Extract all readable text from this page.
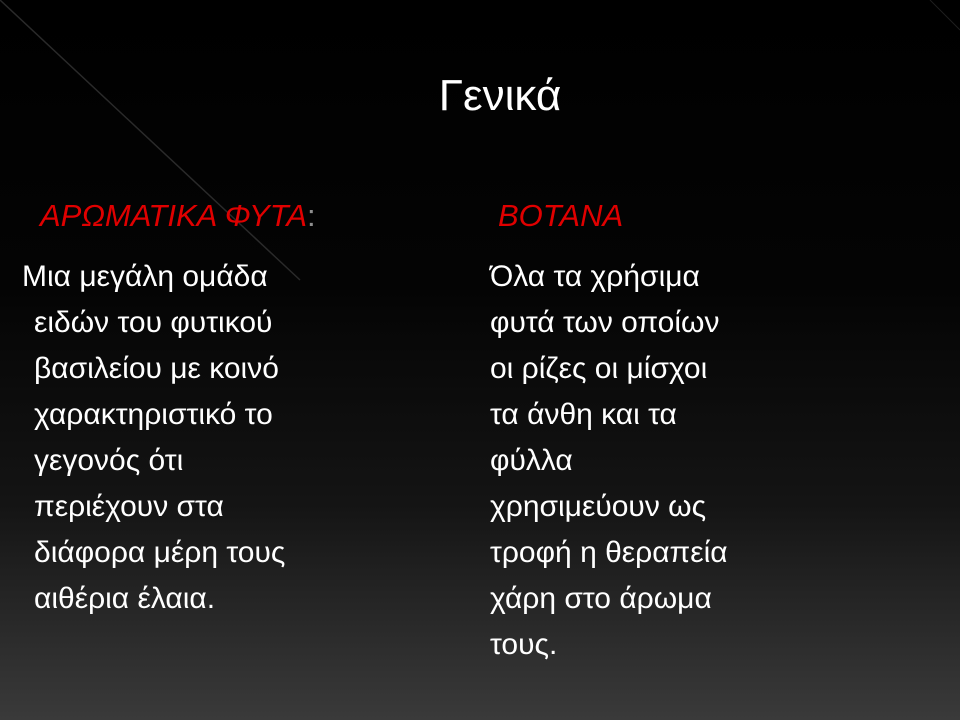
Γενικά
ΑΡΩΜΑΤΙΚΑ ΦΥΤΑ:	ΒΟΤΑΝΑ
Μια μεγάλη ομάδα
ειδών του φυτικού
βασιλείου με κοινό
χαρακτηριστικό το
γεγονός ότι
περιέχουν στα
διάφορα μέρη τους
αιθέρια έλαια.
Όλα τα χρήσιμα
φυτά των οποίων
οι ρίζες οι μίσχοι
τα άνθη και τα
φύλλα
χρησιμεύουν ως
τροφή η θεραπεία
χάρη στο άρωμα
τους.
